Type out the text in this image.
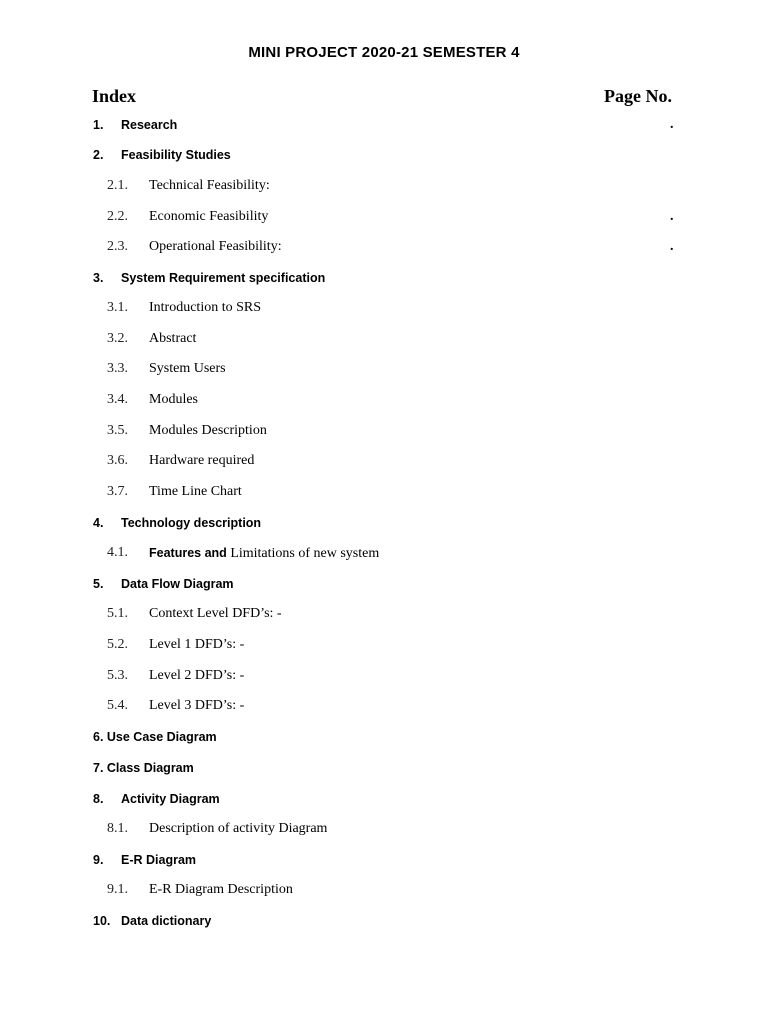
MINI PROJECT 2020-21 SEMESTER 4
Index	Page No.
1. Research	.
2. Feasibility Studies
2.1. Technical Feasibility:
2.2. Economic Feasibility	.
2.3. Operational Feasibility:	.
3. System Requirement specification
3.1. Introduction to SRS
3.2. Abstract
3.3. System Users
3.4. Modules
3.5. Modules Description
3.6. Hardware required
3.7. Time Line Chart
4. Technology description
4.1. Features and Limitations of new system
5. Data Flow Diagram
5.1. Context Level DFD’s: -
5.2. Level 1 DFD’s: -
5.3. Level 2 DFD’s: -
5.4. Level 3 DFD’s: -
6. Use Case Diagram
7. Class Diagram
8. Activity Diagram
8.1. Description of activity Diagram
9. E-R Diagram
9.1. E-R Diagram Description
10. Data dictionary
